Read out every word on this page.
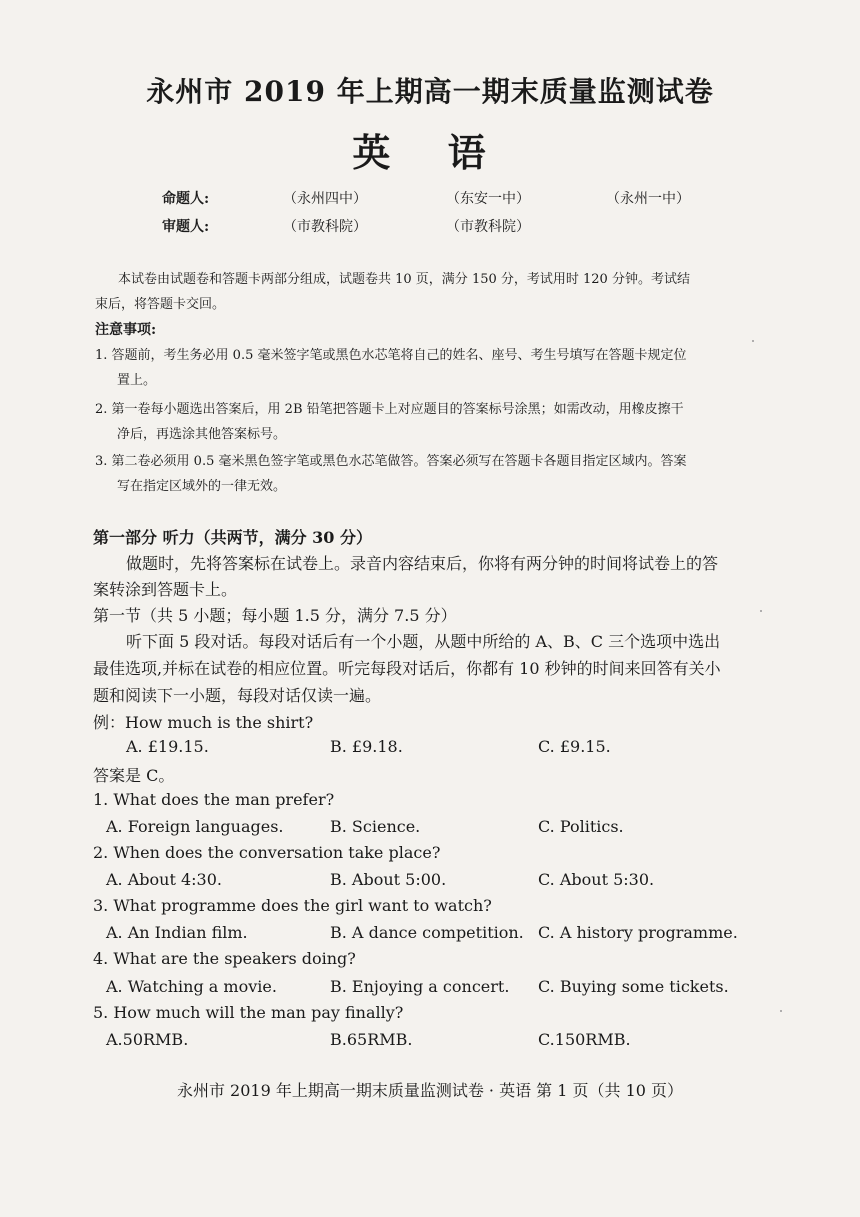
永州市 2019 年上期高一期末质量监测试卷
英 语
命题人:	（永州四中）	（东安一中）	（永州一中）
审题人:	（市教科院）	（市教科院）
本试卷由试题卷和答题卡两部分组成，试题卷共 10 页，满分 150 分，考试用时 120 分钟。考试结
束后，将答题卡交回。
注意事项:
1. 答题前，考生务必用 0.5 毫米签字笔或黑色水芯笔将自己的姓名、座号、考生号填写在答题卡规定位
置上。
2. 第一卷每小题选出答案后，用 2B 铅笔把答题卡上对应题目的答案标号涂黑；如需改动，用橡皮擦干
净后，再选涂其他答案标号。
3. 第二卷必须用 0.5 毫米黑色签字笔或黑色水芯笔做答。答案必须写在答题卡各题目指定区域内。答案
写在指定区域外的一律无效。
第一部分 听力（共两节，满分 30 分）
做题时，先将答案标在试卷上。录音内容结束后，你将有两分钟的时间将试卷上的答
案转涂到答题卡上。
第一节（共 5 小题；每小题 1.5 分，满分 7.5 分）
听下面 5 段对话。每段对话后有一个小题，从题中所给的 A、B、C 三个选项中选出
最佳选项,并标在试卷的相应位置。听完每段对话后，你都有 10 秒钟的时间来回答有关小
题和阅读下一小题，每段对话仅读一遍。
例：How much is the shirt?
A. £19.15.	B. £9.18.	C. £9.15.
答案是 C。
1. What does the man prefer?
A. Foreign languages.	B. Science.	C. Politics.
2. When does the conversation take place?
A. About 4:30.	B. About 5:00.	C. About 5:30.
3. What programme does the girl want to watch?
A. An Indian film.	B. A dance competition. C. A history programme.
4. What are the speakers doing?
A. Watching a movie.	B. Enjoying a concert. C. Buying some tickets.
5. How much will the man pay finally?
A.50RMB.	B.65RMB.	C.150RMB.
永州市 2019 年上期高一期末质量监测试卷 · 英语 第 1 页（共 10 页）
